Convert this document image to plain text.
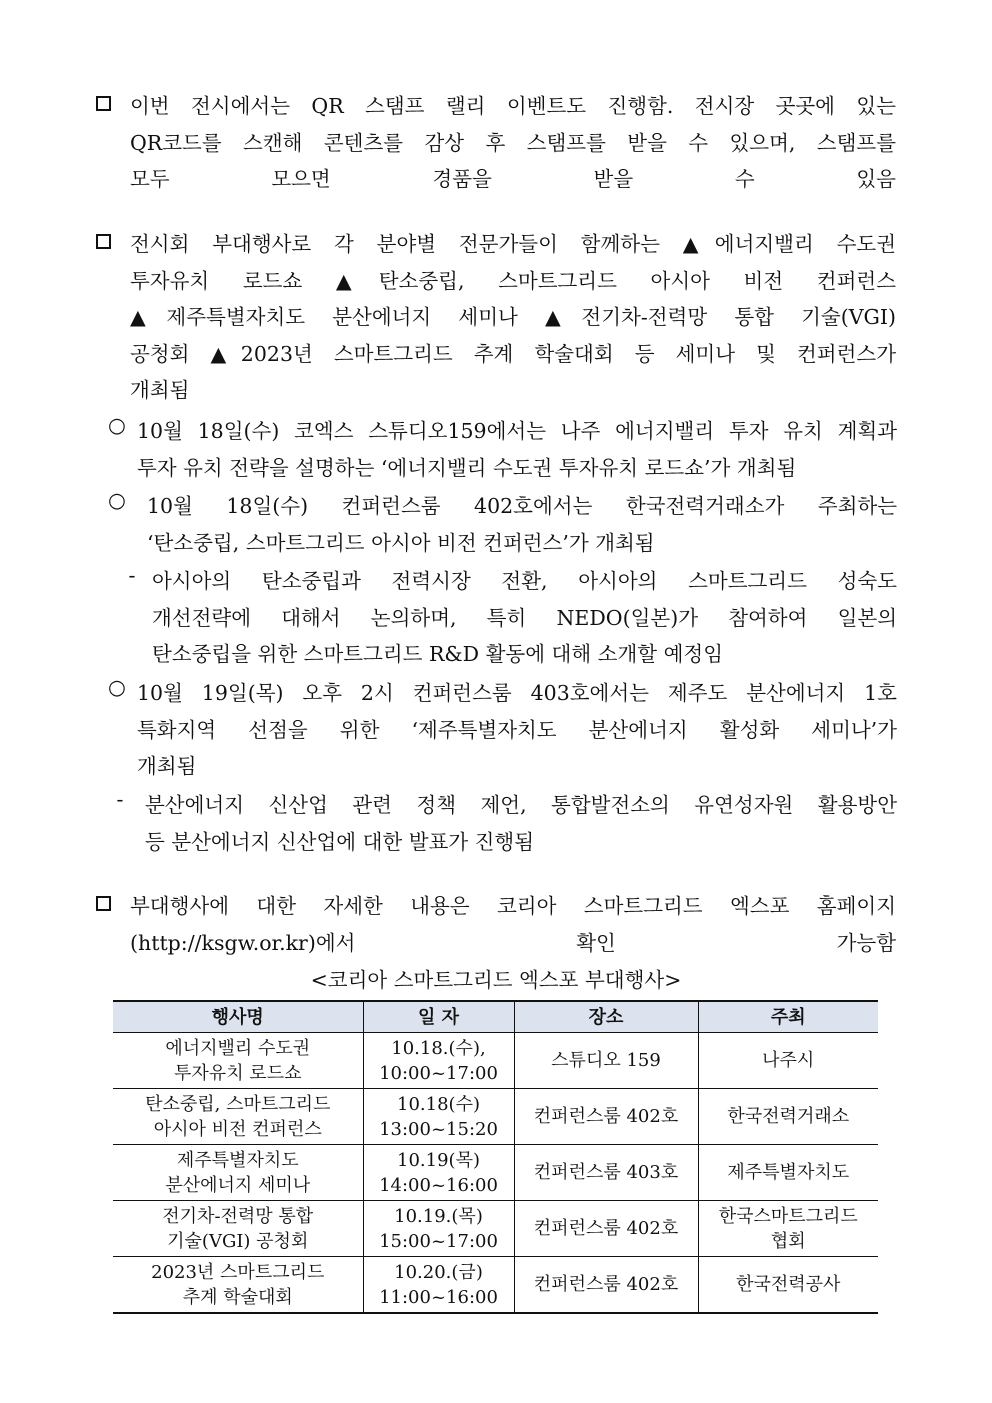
이번 전시에서는 QR 스탬프 랠리 이벤트도 진행함. 전시장 곳곳에 있는
QR코드를 스캔해 콘텐츠를 감상 후 스탬프를 받을 수 있으며, 스탬프를
모두 모으면 경품을 받을 수 있음
전시회 부대행사로 각 분야별 전문가들이 함께하는 ▲에너지밸리 수도권
투자유치 로드쇼 ▲탄소중립, 스마트그리드 아시아 비전 컨퍼런스
▲제주특별자치도 분산에너지 세미나 ▲전기차-전력망 통합 기술(VGI)
공청회 ▲2023년 스마트그리드 추계 학술대회 등 세미나 및 컨퍼런스가
개최됨
○ 10월 18일(수) 코엑스 스튜디오159에서는 나주 에너지밸리 투자 유치 계획과
투자 유치 전략을 설명하는 ‘에너지밸리 수도권 투자유치 로드쇼’가 개최됨
○ 10월 18일(수) 컨퍼런스룸 402호에서는 한국전력거래소가 주최하는
‘탄소중립, 스마트그리드 아시아 비전 컨퍼런스’가 개최됨
- 아시아의 탄소중립과 전력시장 전환, 아시아의 스마트그리드 성숙도
개선전략에 대해서 논의하며, 특히 NEDO(일본)가 참여하여 일본의
탄소중립을 위한 스마트그리드 R&D 활동에 대해 소개할 예정임
○ 10월 19일(목) 오후 2시 컨퍼런스룸 403호에서는 제주도 분산에너지 1호
특화지역 선점을 위한 ‘제주특별자치도 분산에너지 활성화 세미나’가
개최됨
-	분산에너지 신산업 관련 정책 제언, 통합발전소의 유연성자원 활용방안
등 분산에너지 신산업에 대한 발표가 진행됨
부대행사에 대한 자세한 내용은 코리아 스마트그리드 엑스포 홈페이지
(http://ksgw.or.kr)에서 확인 가능함
<코리아 스마트그리드 엑스포 부대행사>
행사명	일 자	장소	주최

에너지밸리 수도권
투자유치 로드쇼	10.18.(수),
10:00~17:00	스튜디오 159	나주시

탄소중립, 스마트그리드
아시아 비전 컨퍼런스	10.18(수)
13:00~15:20	컨퍼런스룸 402호	한국전력거래소

제주특별자치도
분산에너지 세미나	10.19(목)
14:00~16:00	컨퍼런스룸 403호	제주특별자치도

전기차-전력망 통합
기술(VGI) 공청회	10.19.(목)
15:00~17:00	컨퍼런스룸 402호	한국스마트그리드
협회

2023년 스마트그리드
추계 학술대회	10.20.(금)
11:00~16:00	컨퍼런스룸 402호	한국전력공사
